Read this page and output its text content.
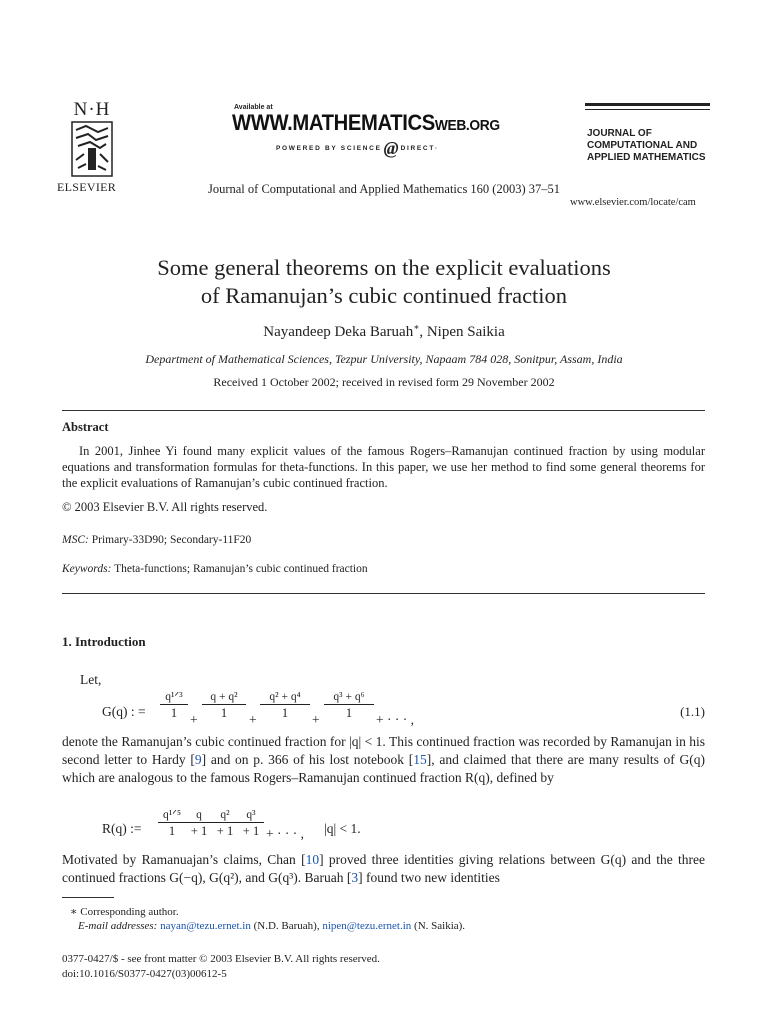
N·H
ELSEVIER
Available at
WWW.MATHEMATICSWEB.ORG
POWERED BY SCIENCE @ DIRECT·
Journal of Computational and Applied Mathematics 160 (2003) 37–51
JOURNAL OF
COMPUTATIONAL AND
APPLIED MATHEMATICS
www.elsevier.com/locate/cam
Some general theorems on the explicit evaluations
of Ramanujan’s cubic continued fraction
Nayandeep Deka Baruah∗, Nipen Saikia
Department of Mathematical Sciences, Tezpur University, Napaam 784 028, Sonitpur, Assam, India
Received 1 October 2002; received in revised form 29 November 2002
Abstract

In 2001, Jinhee Yi found many explicit values of the famous Rogers–Ramanujan continued fraction by using modular equations and transformation formulas for theta-functions. In this paper, we use her method to find some general theorems for the explicit evaluations of Ramanujan’s cubic continued fraction.

© 2003 Elsevier B.V. All rights reserved.
MSC: Primary-33D90; Secondary-11F20
Keywords: Theta-functions; Ramanujan’s cubic continued fraction
1. Introduction
Let,
G(q) : =
q¹ᐟ³
$1 + \frac{\text{q + q²}}{1} + \frac{\text{q² + q⁴}}{1} + \frac{\text{q³ + q⁶}}{1}$ + · · · ,
(1.1)

denote the Ramanujan’s cubic continued fraction for |q| < 1. This continued fraction was recorded by Ramanujan in his second letter to Hardy [9] and on p. 366 of his lost notebook [15], and claimed that there are many results of G(q) which are analogous to the famous Rogers–Ramanujan continued fraction R(q), defined by

R(q) :=
q¹ᐟ⁵
$1 \frac{q}{+ 1} \frac{\text{q²}}{+ 1} \frac{\text{q³}}{+ 1}$ + · · · , |q| < 1.

Motivated by Ramanuajan’s claims, Chan [10] proved three identities giving relations between G(q) and the three continued fractions G(−q), G(q²), and G(q³). Baruah [3] found two new identities

∗ Corresponding author.
E-mail addresses: nayan@tezu.ernet.in (N.D. Baruah), nipen@tezu.ernet.in (N. Saikia).
0377-0427/$ - see front matter © 2003 Elsevier B.V. All rights reserved.
doi:10.1016/S0377-0427(03)00612-5
